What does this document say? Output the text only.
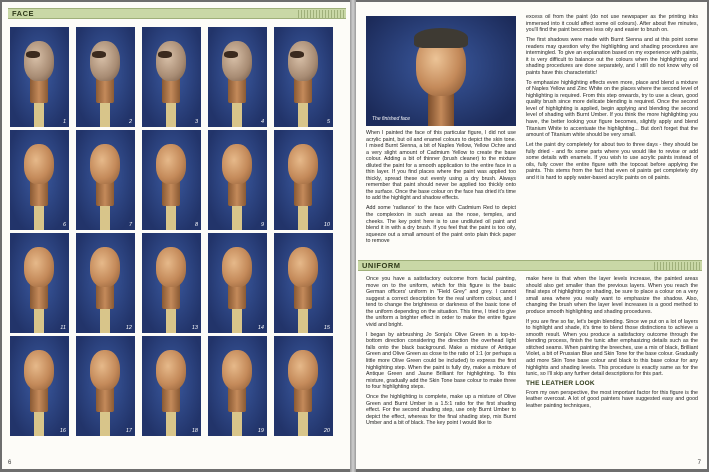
FACE
1	2	3	4	5
6	7	8	9	10
11	12	13	14	15
16	17	18	19	20
6
The finished face

When I painted the face of this particular figure, I did not use acrylic paint, but oil and enamel colours to depict the skin tone. I mixed Burnt Sienna, a bit of Naples Yellow, Yellow Ochre and a very slight amount of Cadmium Yellow to create the base colour. Adding a bit of thinner (brush cleaner) to the mixture diluted the paint for a smooth application to the entire face in a thin layer. If you find places where the paint was applied too thickly, spread these out evenly using a dry brush. Always remember that paint should never be applied too thickly onto the surface. Once the base colour on the face has dried it's time to add the highlight and shadow effects.

Add some 'radiance' to the face with Cadmium Red to depict the complexion in such areas as the nose, temples, and cheeks. The key point here is to use undiluted oil paint and blend it in with a dry brush. If you feel that the paint is too oily, squeeze out a small amount of the paint onto plain thick paper to remove

excess oil from the paint (do not use newspaper as the printing inks immersed into it could affect some oil colours). After about five minutes, you'll find the paint becomes less oily and easier to brush on.

The first shadows were made with Burnt Sienna and at this point some readers may question why the highlighting and shading procedures are intermingled. To give an explanation based on my experience with paints, it is very difficult to balance out the colours when the highlighting and shading procedures are done separately, and I still do not know why oil paints have this characteristic!

To emphasize highlighting effects even more, place and blend a mixture of Naples Yellow and Zinc White on the places where the second level of highlighting is required. From this step onwards, try to use a clean, good quality brush since more delicate blending is required. Once the second level of highlighting is applied, begin applying and blending the second level of shading with Burnt Umber. If you think the more highlighting you have, the better looking your figure becomes, slightly apply and blend Titanium White to accentuate the highlighting... But don't forget that the amount of Titanium white should be very small.

Let the paint dry completely for about two to three days - they should be fully dried - and fix some parts where you would like to revise or add some details with enamels. If you wish to use acrylic paints instead of oils, fully cover the entire figure with the topcoat before applying the paints. This stems from the fact that even oil paints get completely dry and it is hard to apply water-based acrylic paints on oil paints.

UNIFORM

Once you have a satisfactory outcome from facial painting, move on to the uniform, which for this figure is the basic German officers' uniform in "Field Grey" and grey. I cannot suggest a correct description for the real uniform colour, and I tend to change the brightness or darkness of the basic tone of the uniform depending on the situation. This time, I tried to give the uniform a brighter effect in order to make the entire figure vivid and bright.

I began by airbrushing Jo Sonja's Olive Green in a top-to-bottom direction considering the direction the overhead light falls onto the black background. Make a mixture of Antique Green and Olive Green as close to the ratio of 1:1 (or perhaps a little more Olive Green could be included) to express the first highlighting step. When the paint is fully dry, make a mixture of Antique Green and Jaune Brilliant for highlighting. To this mixture, gradually add the Skin Tone base colour to make three to four highlighting steps.

Once the highlighting is complete, make up a mixture of Olive Green and Burnt Umber in a 1.5:1 ratio for the first shading effect. For the second shading step, use only Burnt Umber to depict the effect, whereas for the final shading step, mix Burnt Umber and a bit of black. The key point I would like to

make here is that when the layer levels increase, the painted areas should also get smaller than the previous layers. When you reach the final steps of highlighting or shading, be sure to place a colour on a very small area where you really want to emphasize the shadow. Also, changing the brush when the layer level increases is a good method to produce smooth highlighting and shading procedures.

If you are fine so far, let's begin blending. Since we put on a lot of layers to highlight and shade, it's time to blend those distinctions to achieve a smooth result. When you produce a satisfactory outcome through the blending process, finish the tunic after emphasizing details such as the stitched seams. When painting the breeches, use a mix of black, Brilliant Violet, a bit of Prussian Blue and Skin Tone for the base colour. Gradually add more Skin Tone base colour and black to this base colour for any highlights and shading levels. This procedure is exactly same as for the tunic, so I'll skip any further detail descriptions for this part.

THE LEATHER LOOK

From my own perspective, the most important factor for this figure is the leather overcoat. A lot of good painters have suggested easy and good leather painting techniques,

7
